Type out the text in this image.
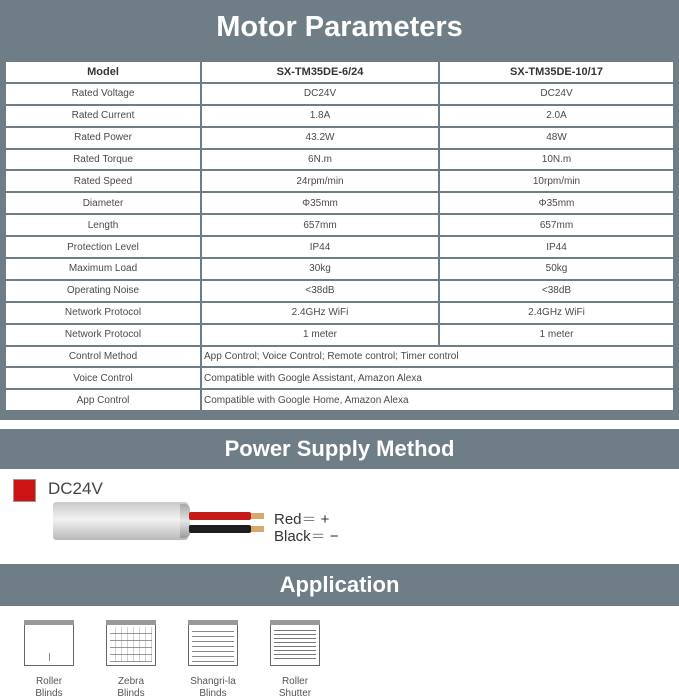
Motor Parameters
Model	SX-TM35DE-6/24	SX-TM35DE-10/17
Rated Voltage	DC24V	DC24V
Rated Current	1.8A	2.0A
Rated Power	43.2W	48W
Rated Torque	6N.m	10N.m
Rated Speed	24rpm/min	10rpm/min
Diameter	Φ35mm	Φ35mm
Length	657mm	657mm
Protection Level	IP44	IP44
Maximum Load	30kg	50kg
Operating Noise	<38dB	<38dB
Network Protocol	2.4GHz WiFi	2.4GHz WiFi
Network Protocol	1 meter	1 meter
Control Method	App Control; Voice Control; Remote control; Timer control	
Voice Control	Compatible with Google Assistant, Amazon Alexa	
App Control	Compatible with Google Home, Amazon Alexa	
Power Supply Method
DC24V
Red＝ +
Black＝ −
Application
Roller
Blinds
Zebra
Blinds
Shangri-la
Blinds
Roller
Shutter
